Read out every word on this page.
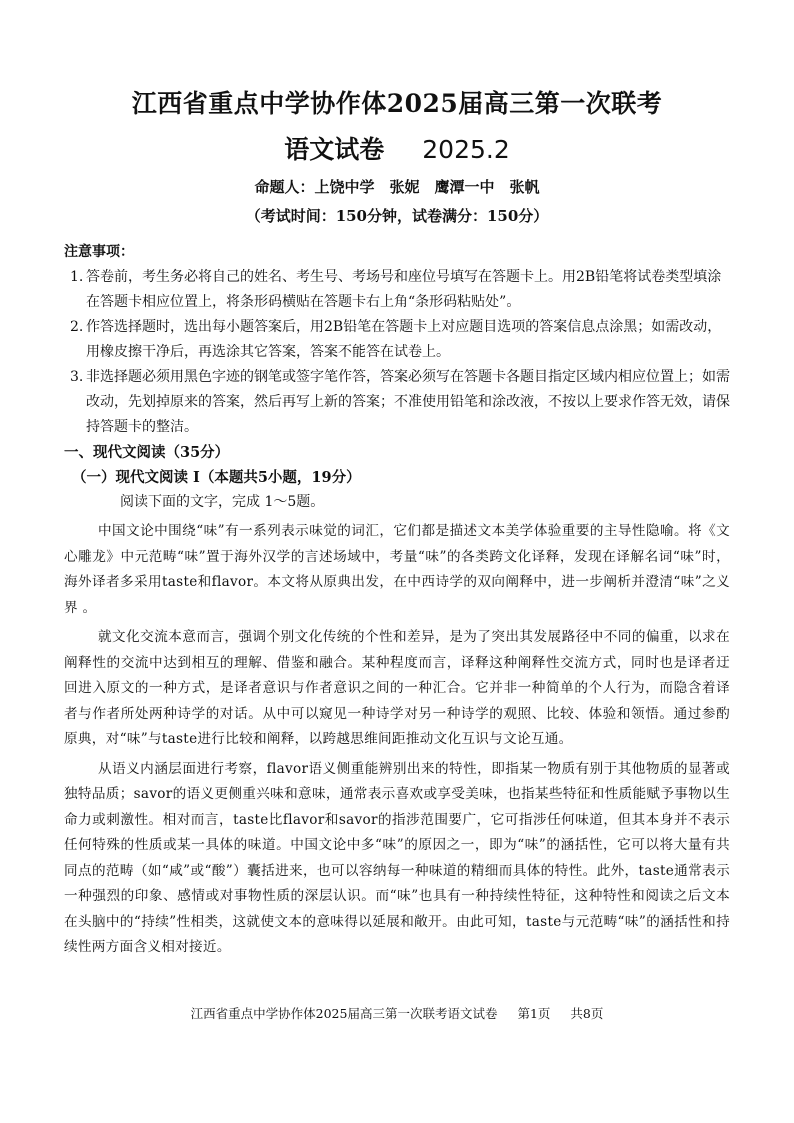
江西省重点中学协作体2025届高三第一次联考
语文试卷 2025.2
命题人：上饶中学　张妮　鹰潭一中　张帆
（考试时间：150分钟，试卷满分：150分）
注意事项：
1. 答卷前，考生务必将自己的姓名、考生号、考场号和座位号填写在答题卡上。用2B铅笔将试卷类型填涂在答题卡相应位置上，将条形码横贴在答题卡右上角“条形码粘贴处”。
2. 作答选择题时，选出每小题答案后，用2B铅笔在答题卡上对应题目选项的答案信息点涂黑；如需改动，用橡皮擦干净后，再选涂其它答案，答案不能答在试卷上。
3. 非选择题必须用黑色字迹的钢笔或签字笔作答，答案必须写在答题卡各题目指定区域内相应位置上；如需改动，先划掉原来的答案，然后再写上新的答案；不准使用铅笔和涂改液，不按以上要求作答无效，请保持答题卡的整洁。
一、现代文阅读（35分）
（一）现代文阅读 I（本题共5小题，19分）
阅读下面的文字，完成 1～5题。
中国文论中围绕“味”有一系列表示味觉的词汇，它们都是描述文本美学体验重要的主导性隐喻。将《文心雕龙》中元范畴“味”置于海外汉学的言述场域中，考量“味”的各类跨文化译释，发现在译解名词“味”时，海外译者多采用taste和flavor。本文将从原典出发，在中西诗学的双向阐释中，进一步阐析并澄清“味”之义界 。
就文化交流本意而言，强调个别文化传统的个性和差异，是为了突出其发展路径中不同的偏重，以求在阐释性的交流中达到相互的理解、借鉴和融合。某种程度而言，译释这种阐释性交流方式，同时也是译者迂回进入原文的一种方式，是译者意识与作者意识之间的一种汇合。它并非一种简单的个人行为，而隐含着译者与作者所处两种诗学的对话。从中可以窥见一种诗学对另一种诗学的观照、比较、体验和领悟。通过参酌原典，对“味”与taste进行比较和阐释，以跨越思维间距推动文化互识与文论互通。
从语义内涵层面进行考察，flavor语义侧重能辨别出来的特性，即指某一物质有别于其他物质的显著或独特品质；savor的语义更侧重兴味和意味，通常表示喜欢或享受美味，也指某些特征和性质能赋予事物以生命力或刺激性。相对而言，taste比flavor和savor的指涉范围要广，它可指涉任何味道，但其本身并不表示任何特殊的性质或某一具体的味道。中国文论中多“味”的原因之一，即为“味”的涵括性，它可以将大量有共同点的范畴（如“咸”或“酸”）囊括进来，也可以容纳每一种味道的精细而具体的特性。此外，taste通常表示一种强烈的印象、感情或对事物性质的深层认识。而“味”也具有一种持续性特征，这种特性和阅读之后文本在头脑中的“持续”性相类，这就使文本的意味得以延展和敞开。由此可知，taste与元范畴“味”的涵括性和持续性两方面含义相对接近。
江西省重点中学协作体2025届高三第一次联考语文试卷 第1页 共8页
